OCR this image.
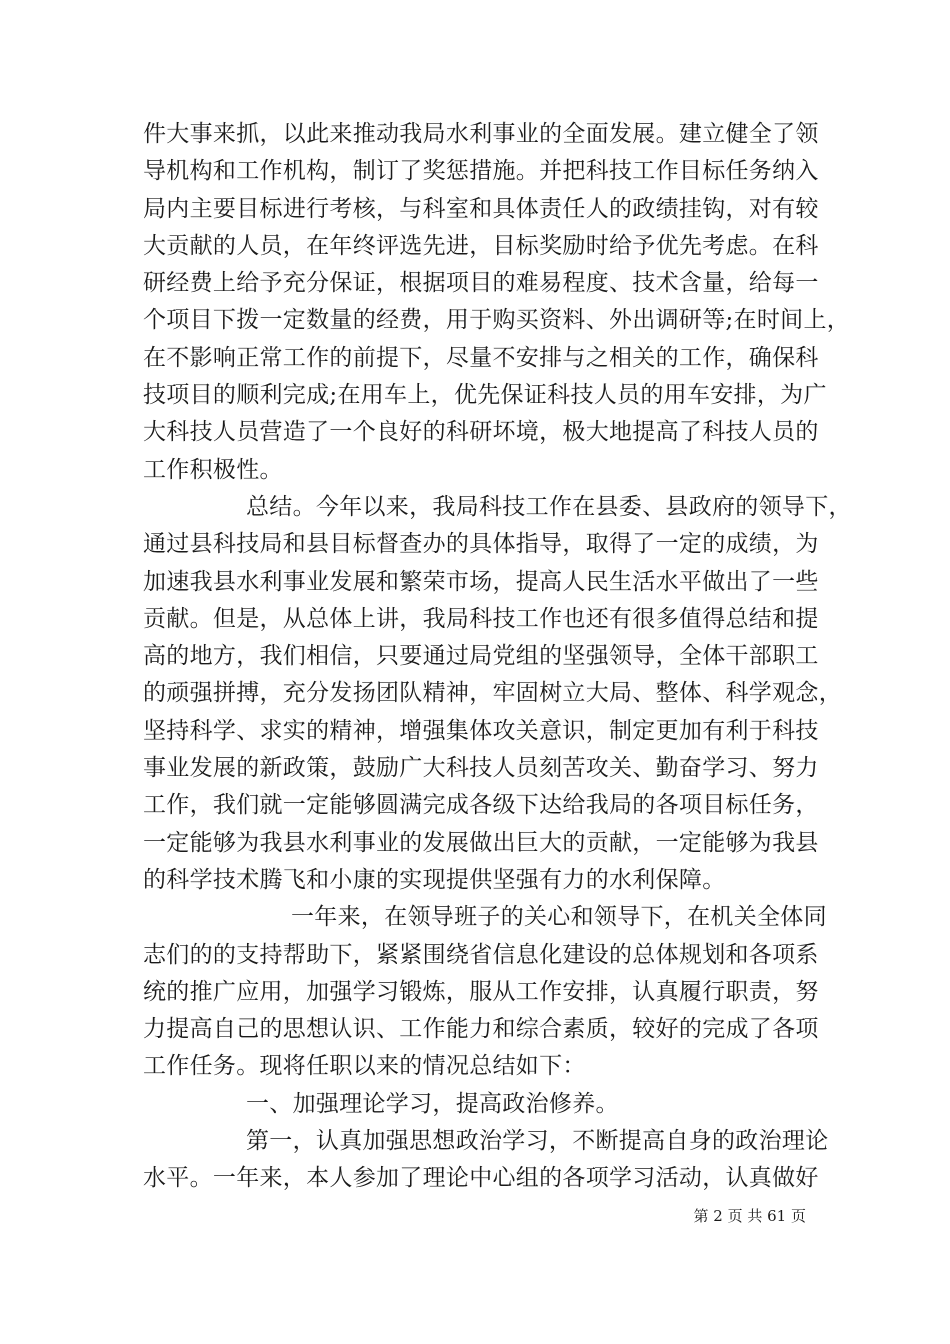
件大事来抓，以此来推动我局水利事业的全面发展。建立健全了领
导机构和工作机构，制订了奖惩措施。并把科技工作目标任务纳入
局内主要目标进行考核，与科室和具体责任人的政绩挂钩，对有较
大贡献的人员，在年终评选先进，目标奖励时给予优先考虑。在科
研经费上给予充分保证，根据项目的难易程度、技术含量，给每一
个项目下拨一定数量的经费，用于购买资料、外出调研等;在时间上，
在不影响正常工作的前提下，尽量不安排与之相关的工作，确保科
技项目的顺利完成;在用车上，优先保证科技人员的用车安排，为广
大科技人员营造了一个良好的科研坏境，极大地提高了科技人员的
工作积极性。
总结。今年以来，我局科技工作在县委、县政府的领导下，
通过县科技局和县目标督查办的具体指导，取得了一定的成绩，为
加速我县水利事业发展和繁荣市场，提高人民生活水平做出了一些
贡献。但是，从总体上讲，我局科技工作也还有很多值得总结和提
高的地方，我们相信，只要通过局党组的坚强领导，全体干部职工
的顽强拼搏，充分发扬团队精神，牢固树立大局、整体、科学观念，
坚持科学、求实的精神，增强集体攻关意识，制定更加有利于科技
事业发展的新政策，鼓励广大科技人员刻苦攻关、勤奋学习、努力
工作，我们就一定能够圆满完成各级下达给我局的各项目标任务，
一定能够为我县水利事业的发展做出巨大的贡献，一定能够为我县
的科学技术腾飞和小康的实现提供坚强有力的水利保障。
一年来，在领导班子的关心和领导下，在机关全体同
志们的的支持帮助下，紧紧围绕省信息化建设的总体规划和各项系
统的推广应用，加强学习锻炼，服从工作安排，认真履行职责，努
力提高自己的思想认识、工作能力和综合素质，较好的完成了各项
工作任务。现将任职以来的情况总结如下：
一、加强理论学习，提高政治修养。
第一，认真加强思想政治学习，不断提高自身的政治理论
水平。一年来，本人参加了理论中心组的各项学习活动，认真做好
第 2 页 共 61 页
